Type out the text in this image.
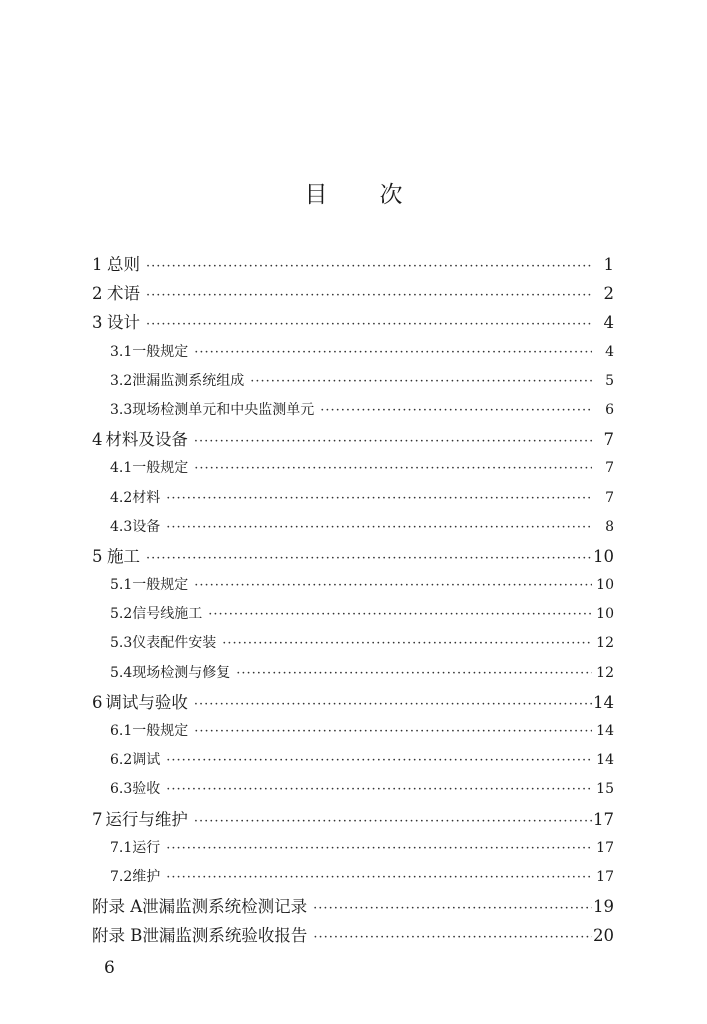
目 次
1 总则 ·····	1
2 术语 ·····	2
3 设计 ·····	4
3.1 一般规定 ·····	4
3.2 泄漏监测系统组成 ·····	5
3.3 现场检测单元和中央监测单元 ·····	6
4 材料及设备 ·····	7
4.1 一般规定 ·····	7
4.2 材料 ·····	7
4.3 设备 ·····	8
5 施工 ·····	10
5.1 一般规定 ·····	10
5.2 信号线施工 ·····	10
5.3 仪表配件安装 ·····	12
5.4 现场检测与修复 ·····	12
6 调试与验收 ·····	14
6.1 一般规定 ·····	14
6.2 调试 ·····	14
6.3 验收 ·····	15
7 运行与维护 ·····	17
7.1 运行 ·····	17
7.2 维护 ·····	17
附录 A 泄漏监测系统检测记录 ·····	19
附录 B 泄漏监测系统验收报告 ·····	20
6
